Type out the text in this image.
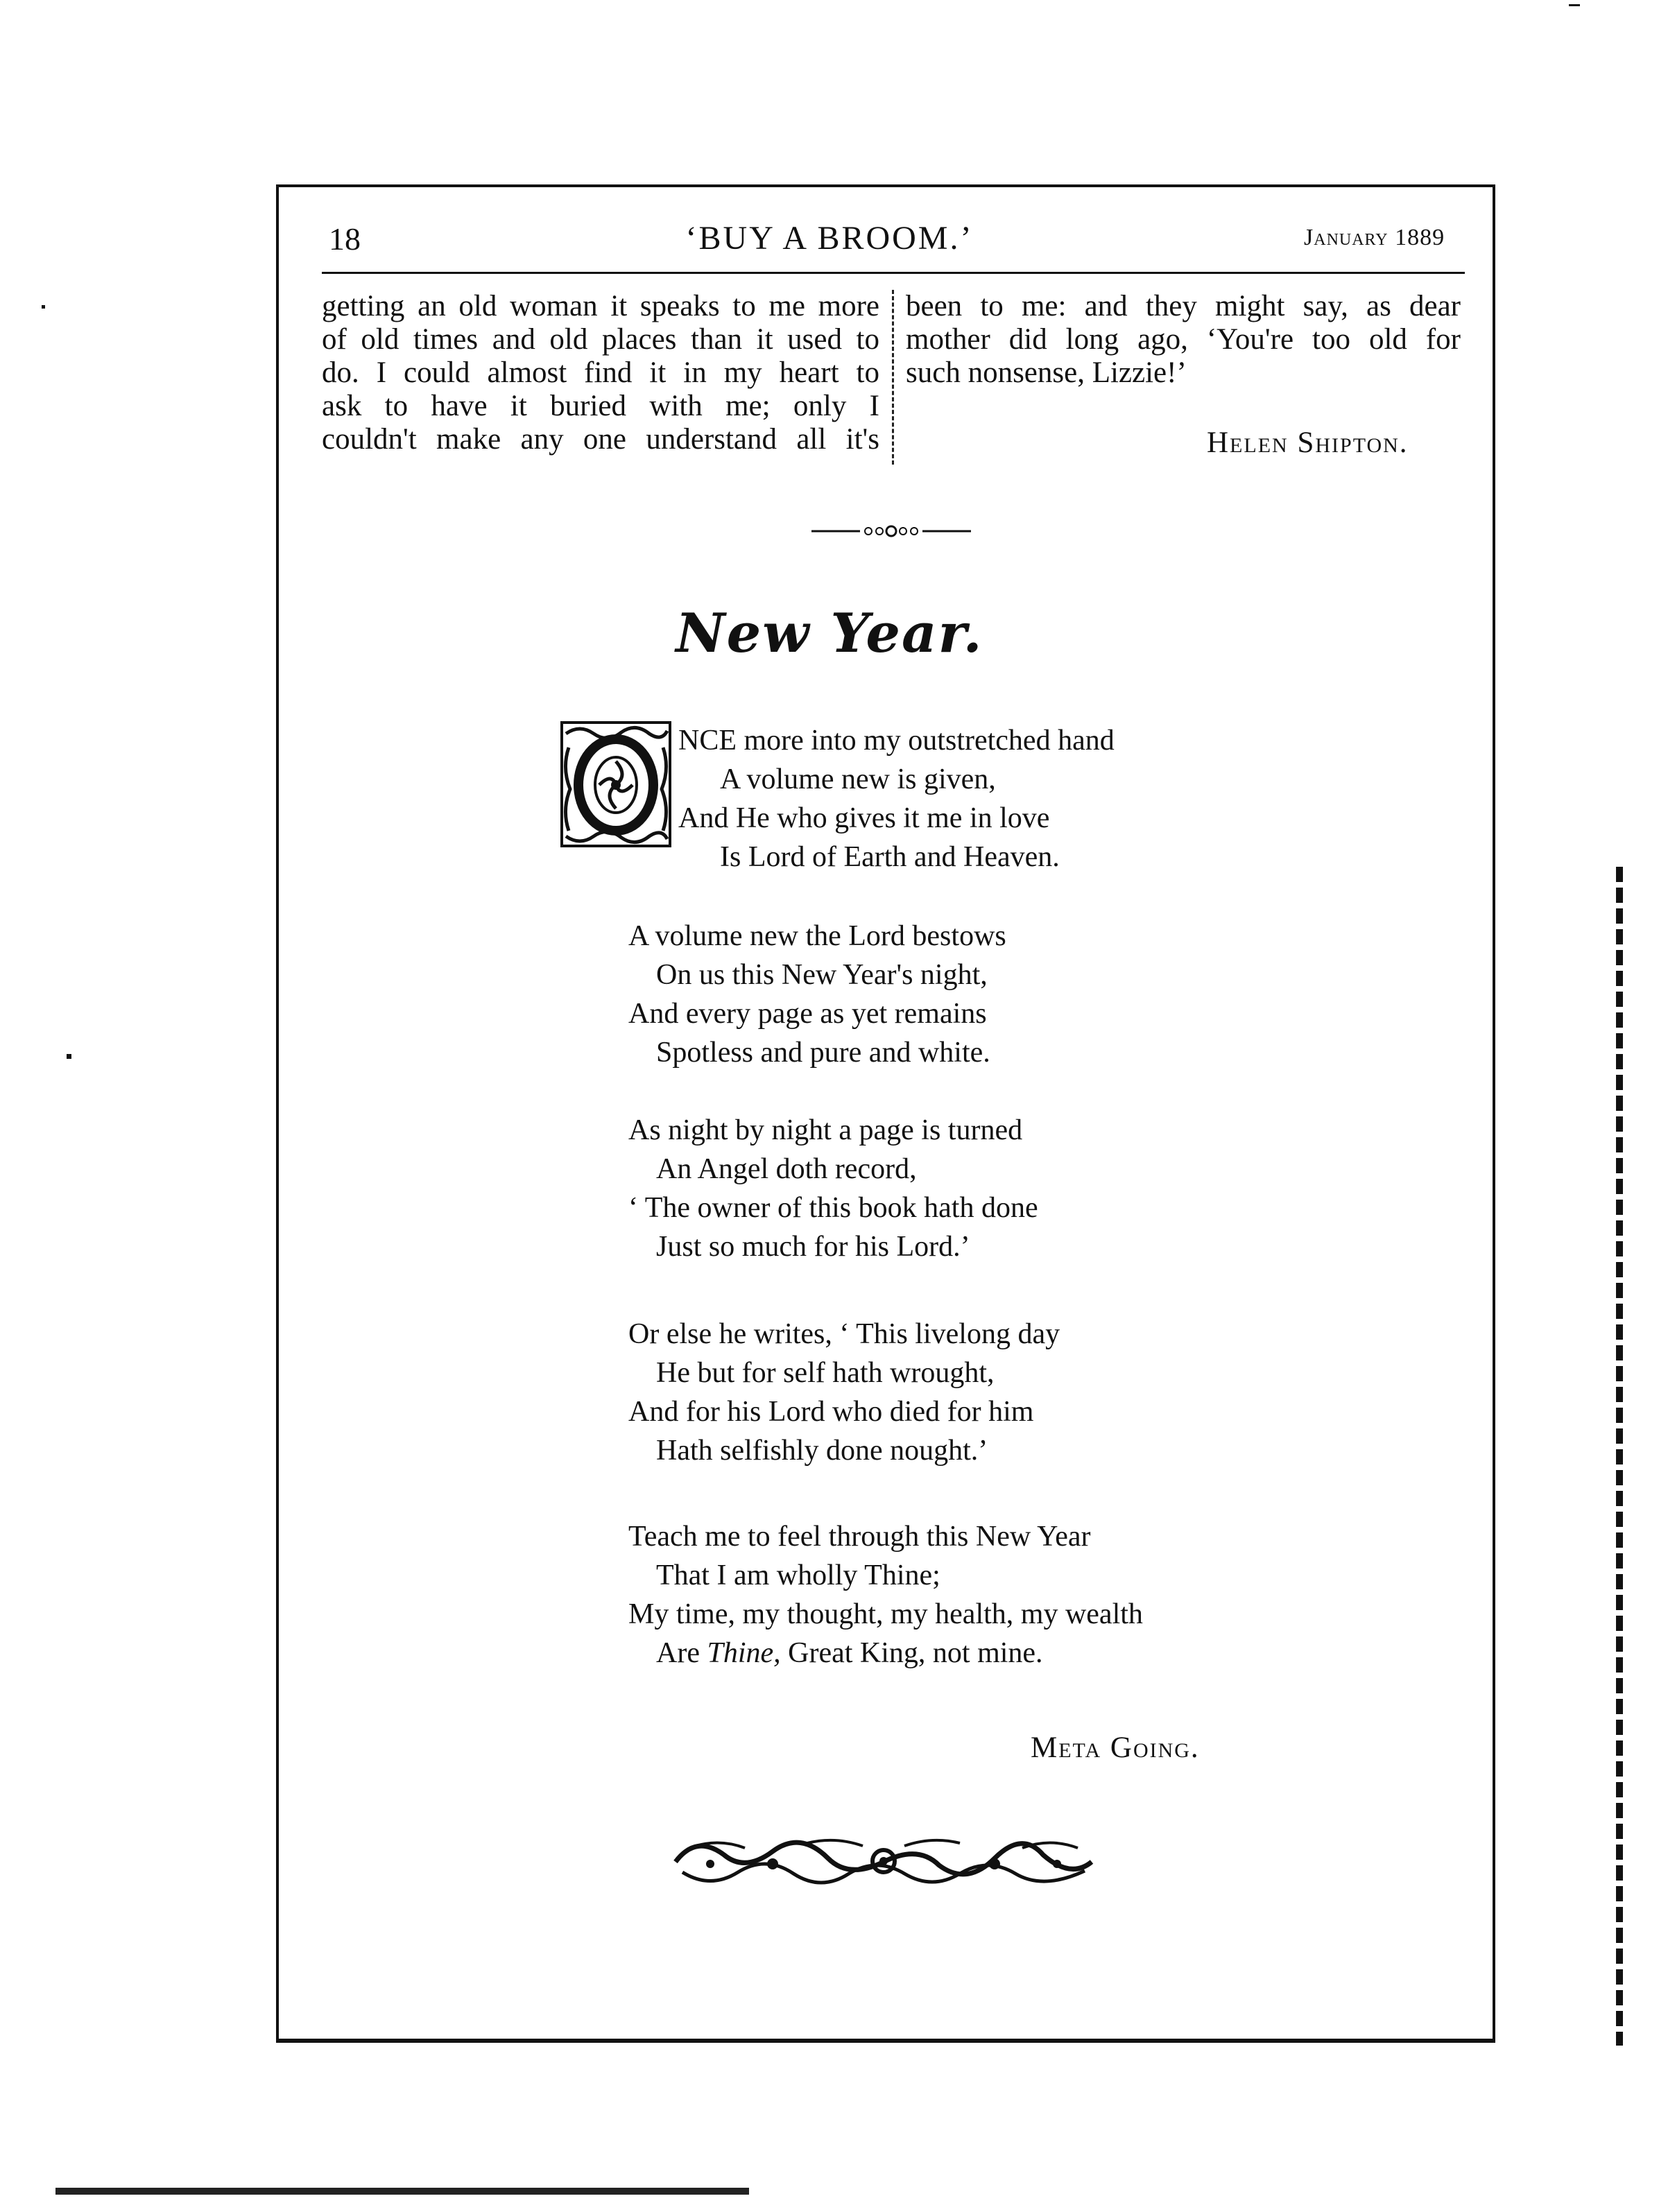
18	‘BUY A BROOM.’	January 1889
getting an old woman it speaks to me more
of old times and old places than it used to
do. I could almost find it in my heart to
ask to have it buried with me; only I
couldn't make any one understand all it's
been to me: and they might say, as dear
mother did long ago, ‘You're too old for
such nonsense, Lizzie!’
Helen Shipton.
New Year.
NCE more into my outstretched hand
A volume new is given,
And He who gives it me in love
Is Lord of Earth and Heaven.
A volume new the Lord bestows
On us this New Year's night,
And every page as yet remains
Spotless and pure and white.
As night by night a page is turned
An Angel doth record,
‘ The owner of this book hath done
Just so much for his Lord.’
Or else he writes, ‘ This livelong day
He but for self hath wrought,
And for his Lord who died for him
Hath selfishly done nought.’
Teach me to feel through this New Year
That I am wholly Thine;
My time, my thought, my health, my wealth
Are Thine, Great King, not mine.
Meta Going.
